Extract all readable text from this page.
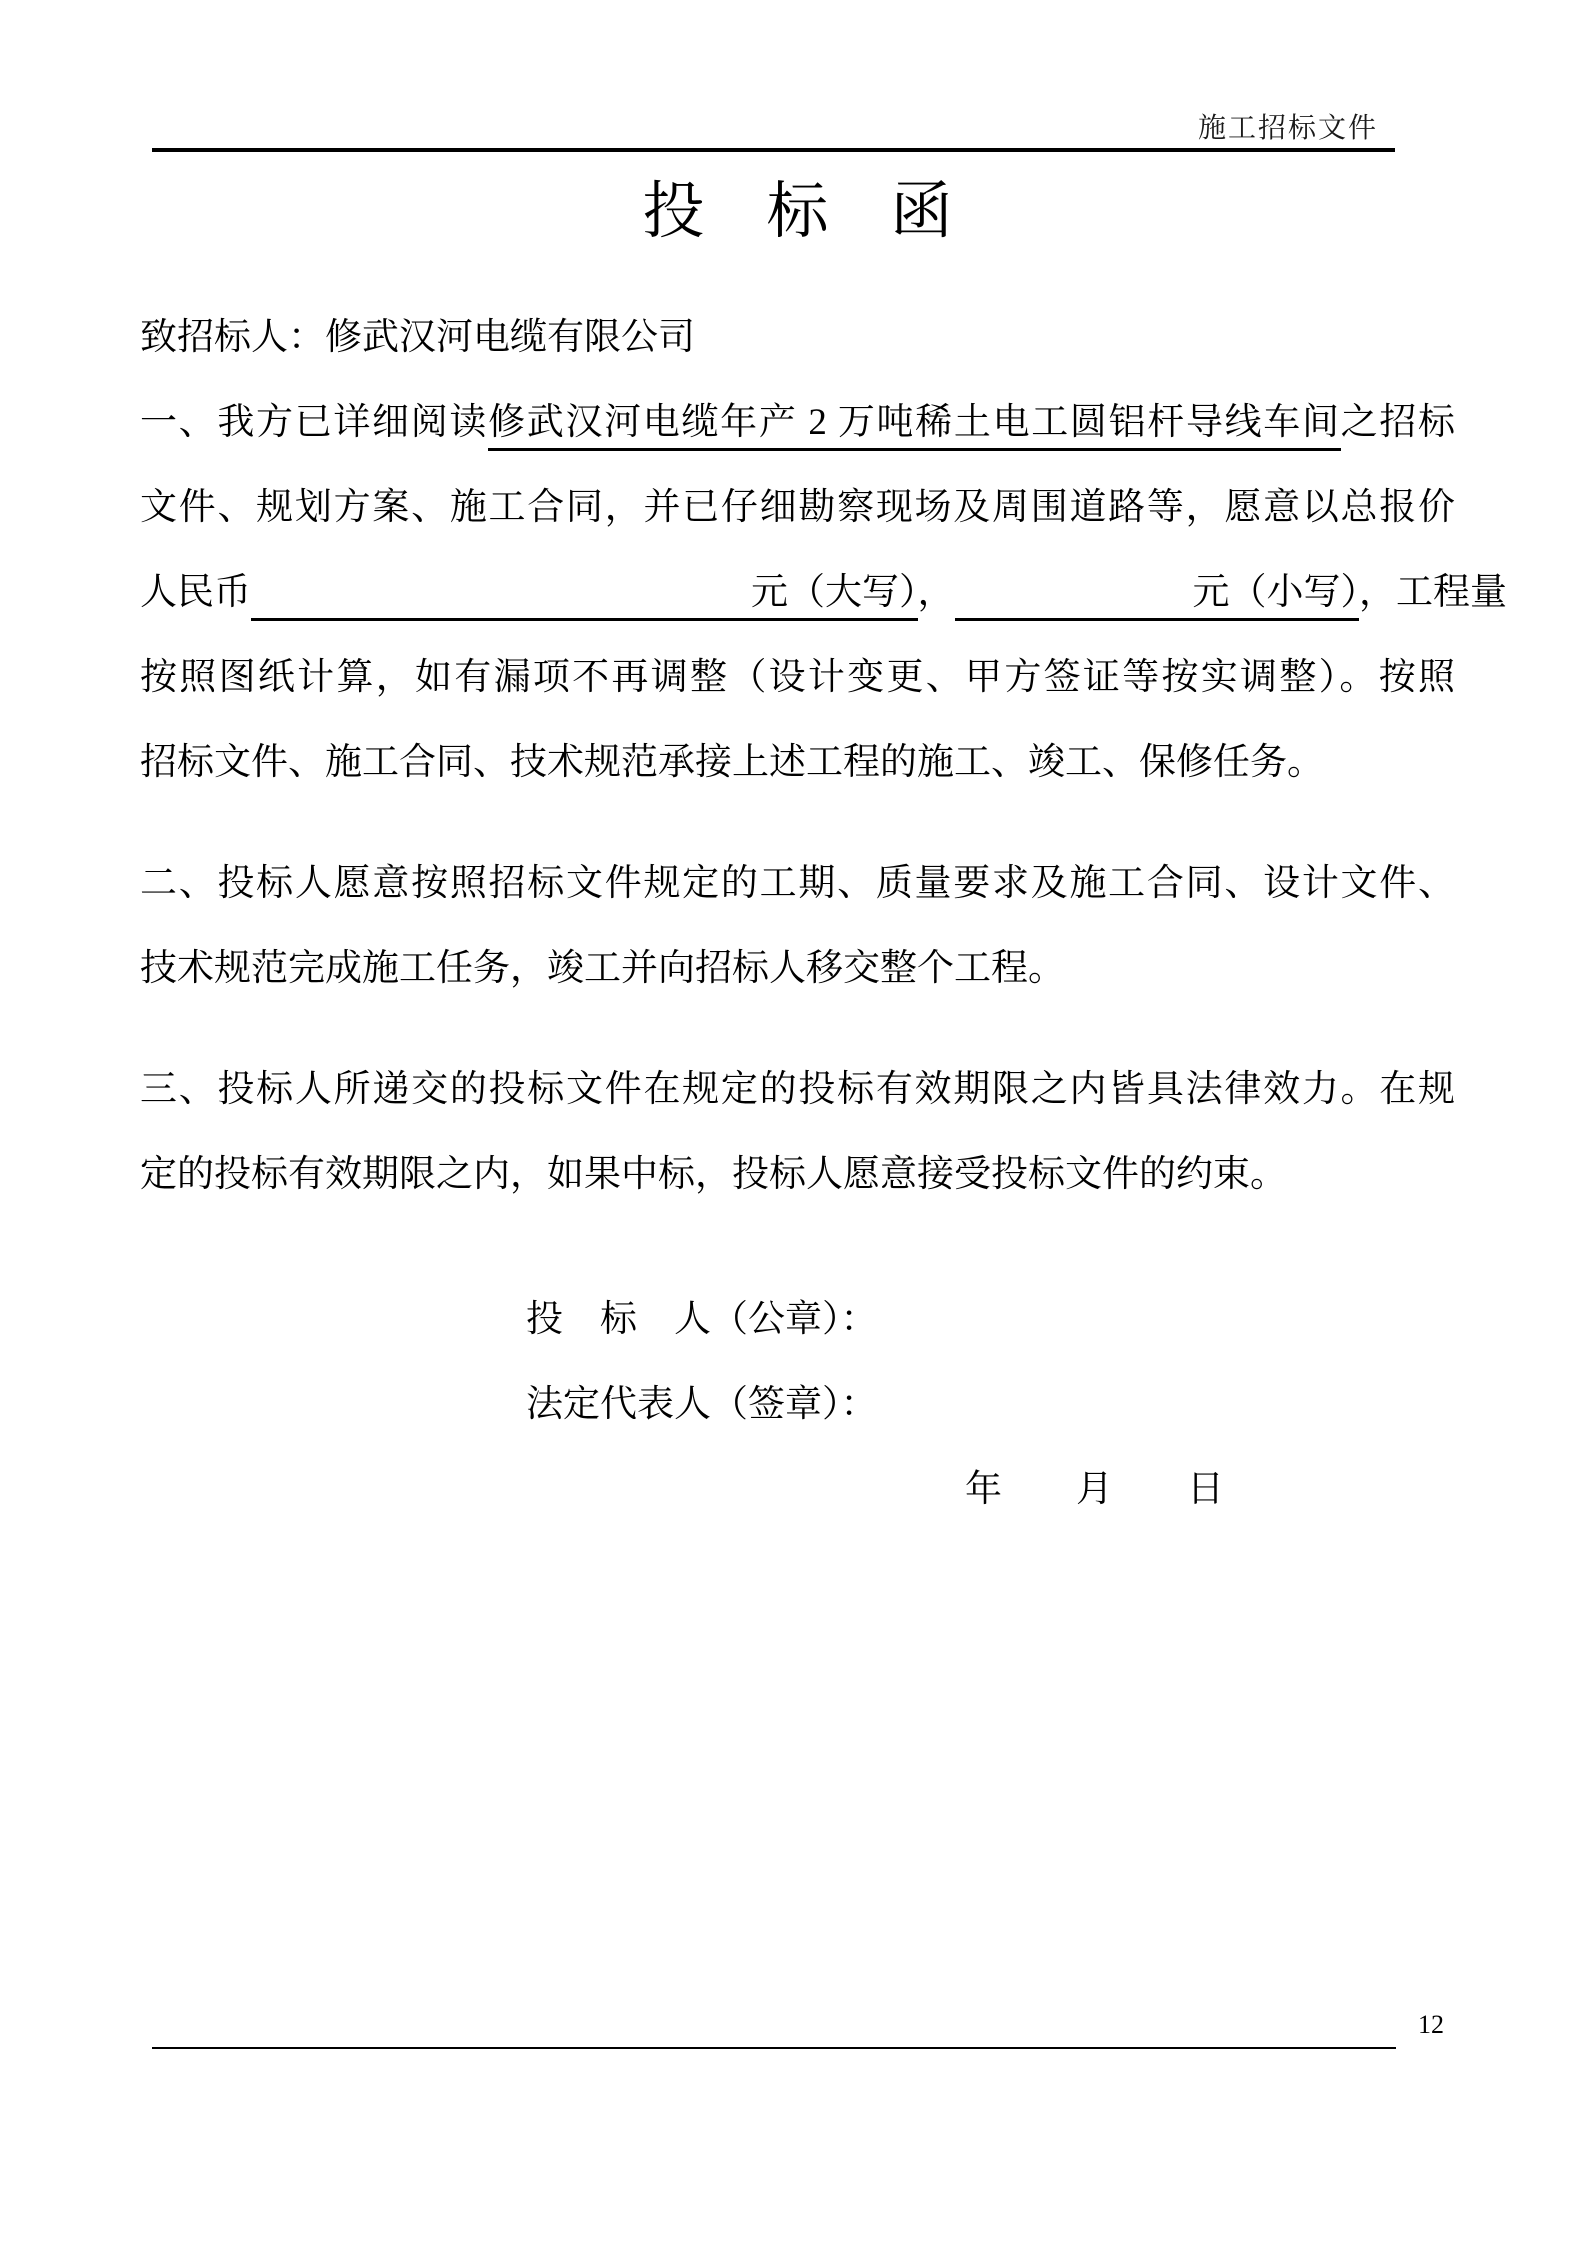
施工招标文件
投　标　函
致招标人：修武汉河电缆有限公司
一、我方已详细阅读修武汉河电缆年产 2 万吨稀土电工圆铝杆导线车间之招标
文件、规划方案、施工合同，并已仔细勘察现场及周围道路等，愿意以总报价
人民币	元（大写），	元（小写），工程量
按照图纸计算，如有漏项不再调整（设计变更、甲方签证等按实调整）。按照
招标文件、施工合同、技术规范承接上述工程的施工、竣工、保修任务。
二、投标人愿意按照招标文件规定的工期、质量要求及施工合同、设计文件、
技术规范完成施工任务，竣工并向招标人移交整个工程。
三、投标人所递交的投标文件在规定的投标有效期限之内皆具法律效力。在规
定的投标有效期限之内，如果中标，投标人愿意接受投标文件的约束。
投　标　人（公章）：
法定代表人（签章）：
年　　月　　日
12
